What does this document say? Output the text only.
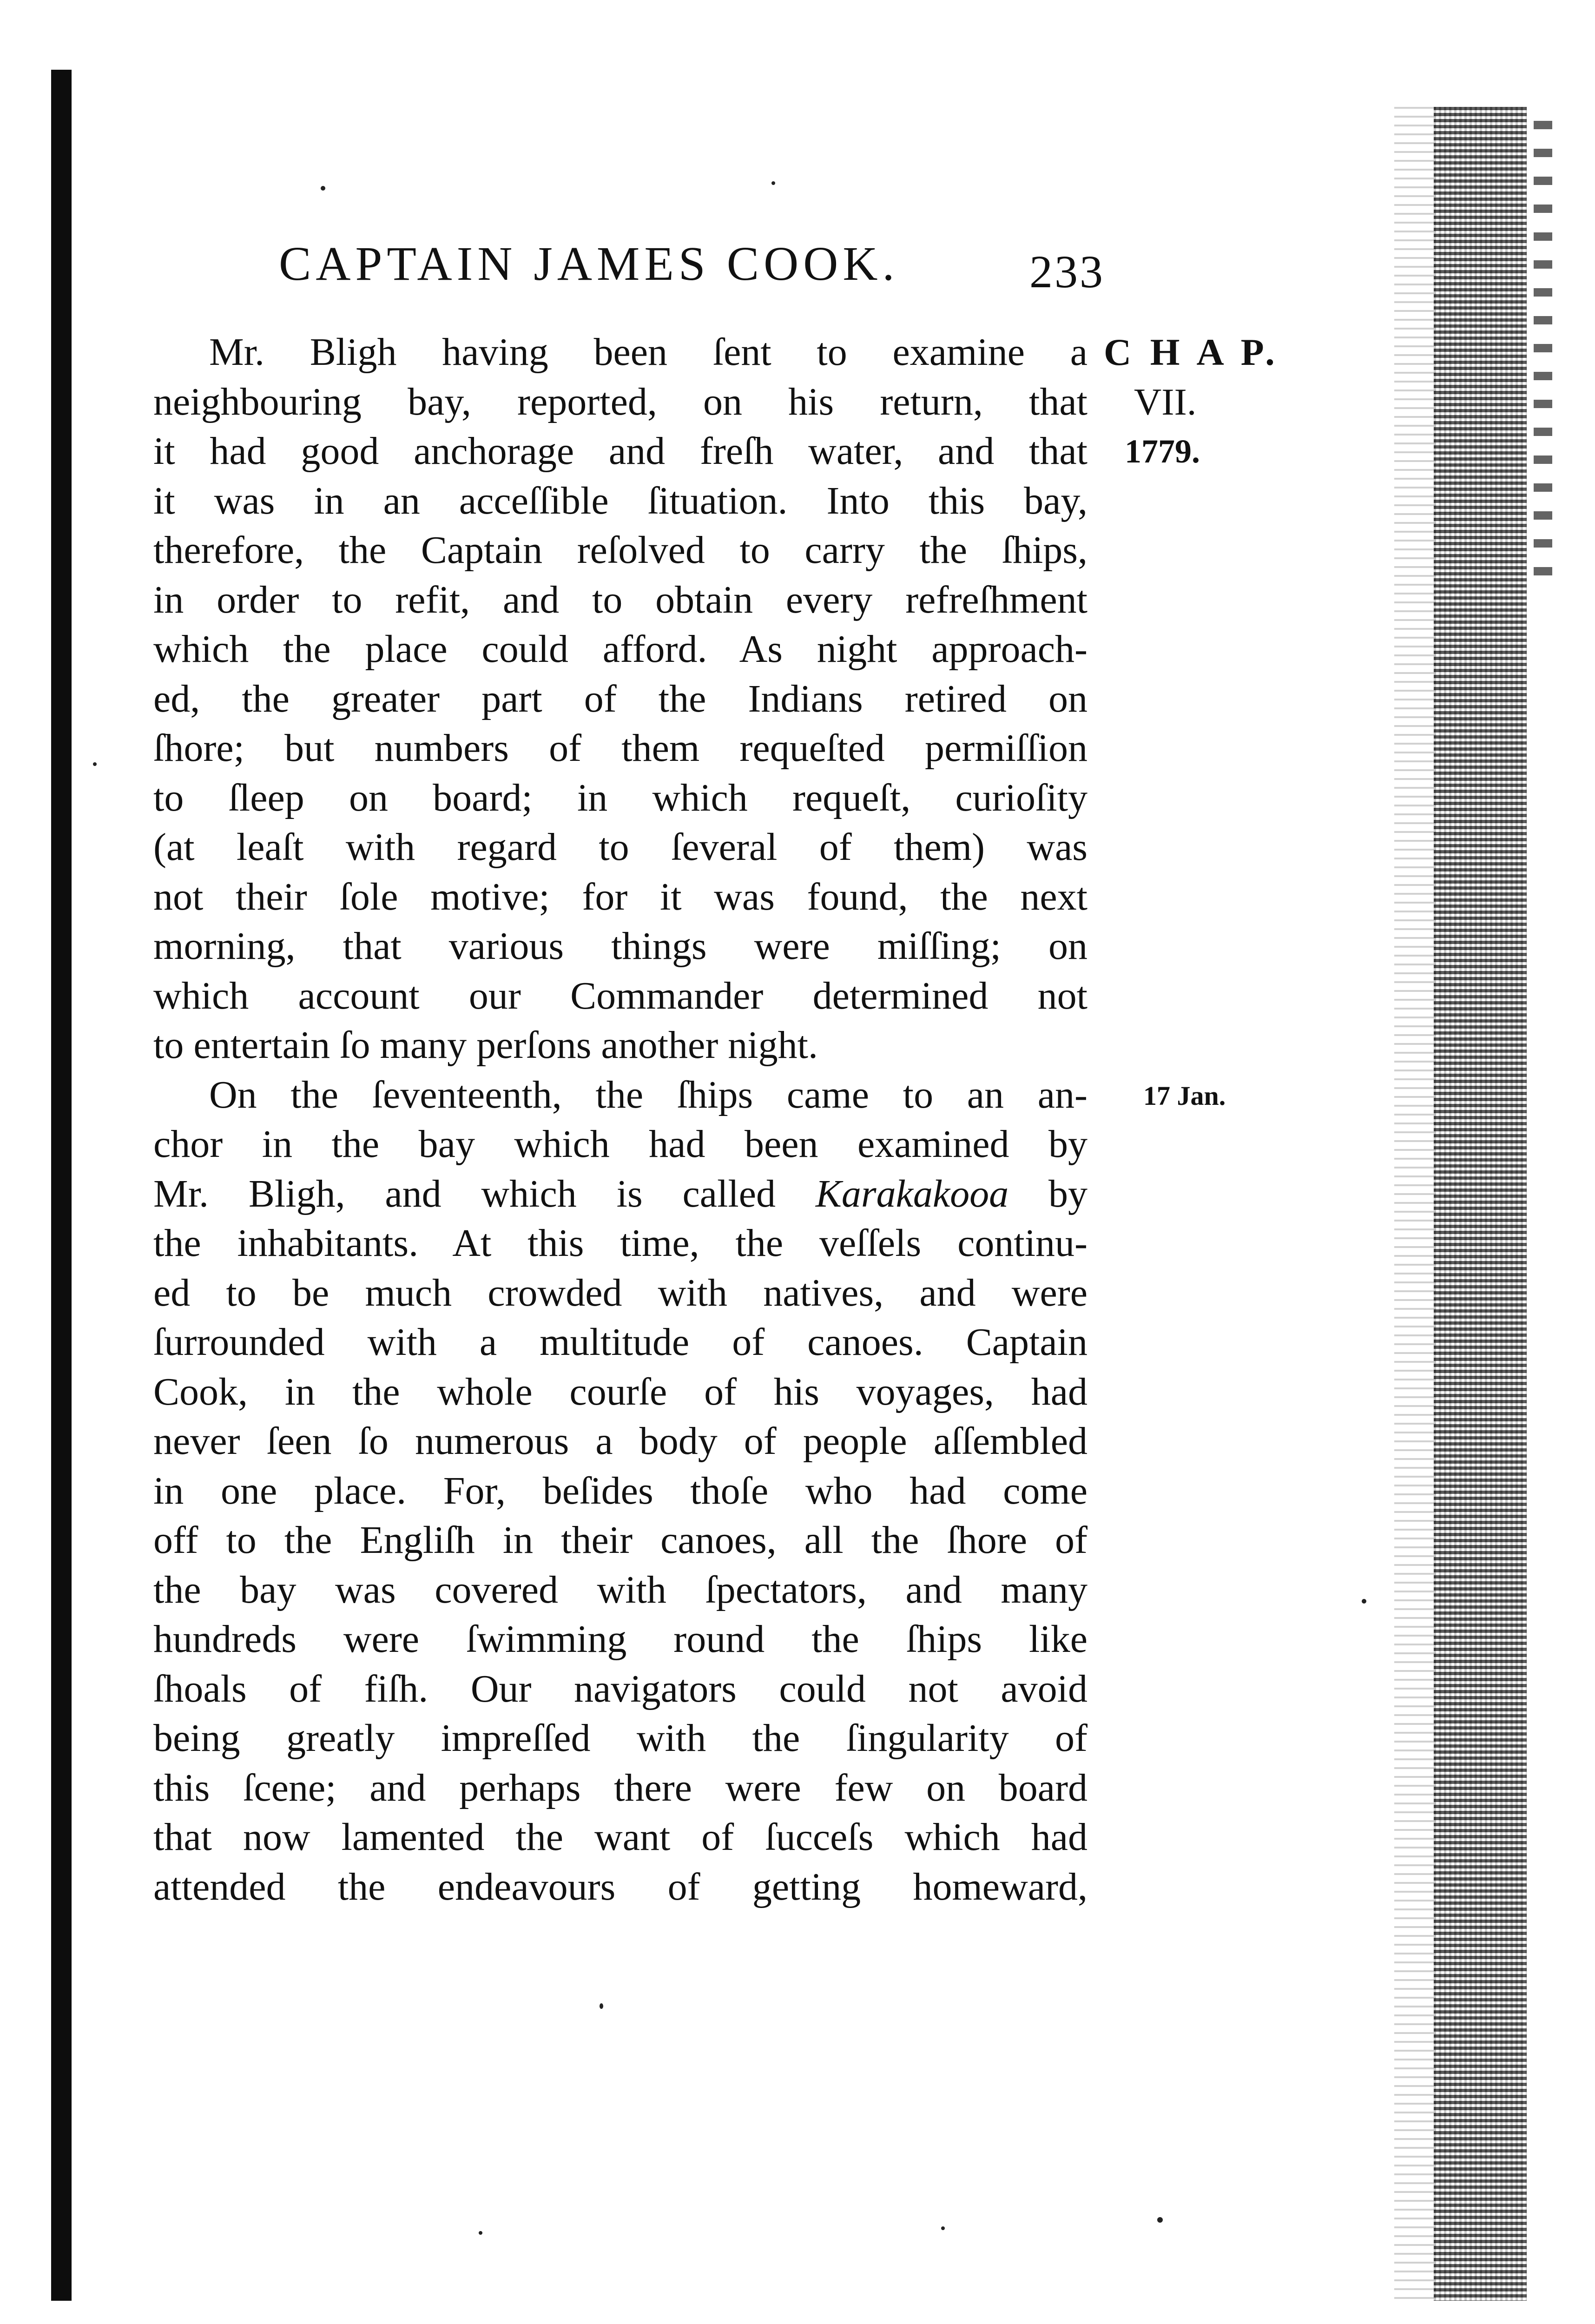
CAPTAIN JAMES COOK.	233
C H A P.
VII.
1779.
17 Jan.
Mr. Bligh having been ſent to examine a
neighbouring bay, reported, on his return, that
it had good anchorage and freſh water, and that
it was in an acceſſible ſituation. Into this bay,
therefore, the Captain reſolved to carry the ſhips,
in order to refit, and to obtain every refreſhment
which the place could afford. As night approach-
ed, the greater part of the Indians retired on
ſhore; but numbers of them requeſted permiſſion
to ſleep on board; in which requeſt, curioſity
(at leaſt with regard to ſeveral of them) was
not their ſole motive; for it was found, the next
morning, that various things were miſſing; on
which account our Commander determined not
to entertain ſo many perſons another night.
On the ſeventeenth, the ſhips came to an an-
chor in the bay which had been examined by
Mr. Bligh, and which is called Karakakooa by
the inhabitants. At this time, the veſſels continu-
ed to be much crowded with natives, and were
ſurrounded with a multitude of canoes. Captain
Cook, in the whole courſe of his voyages, had
never ſeen ſo numerous a body of people aſſembled
in one place. For, beſides thoſe who had come
off to the Engliſh in their canoes, all the ſhore of
the bay was covered with ſpectators, and many
hundreds were ſwimming round the ſhips like
ſhoals of fiſh. Our navigators could not avoid
being greatly impreſſed with the ſingularity of
this ſcene; and perhaps there were few on board
that now lamented the want of ſucceſs which had
attended the endeavours of getting homeward,
